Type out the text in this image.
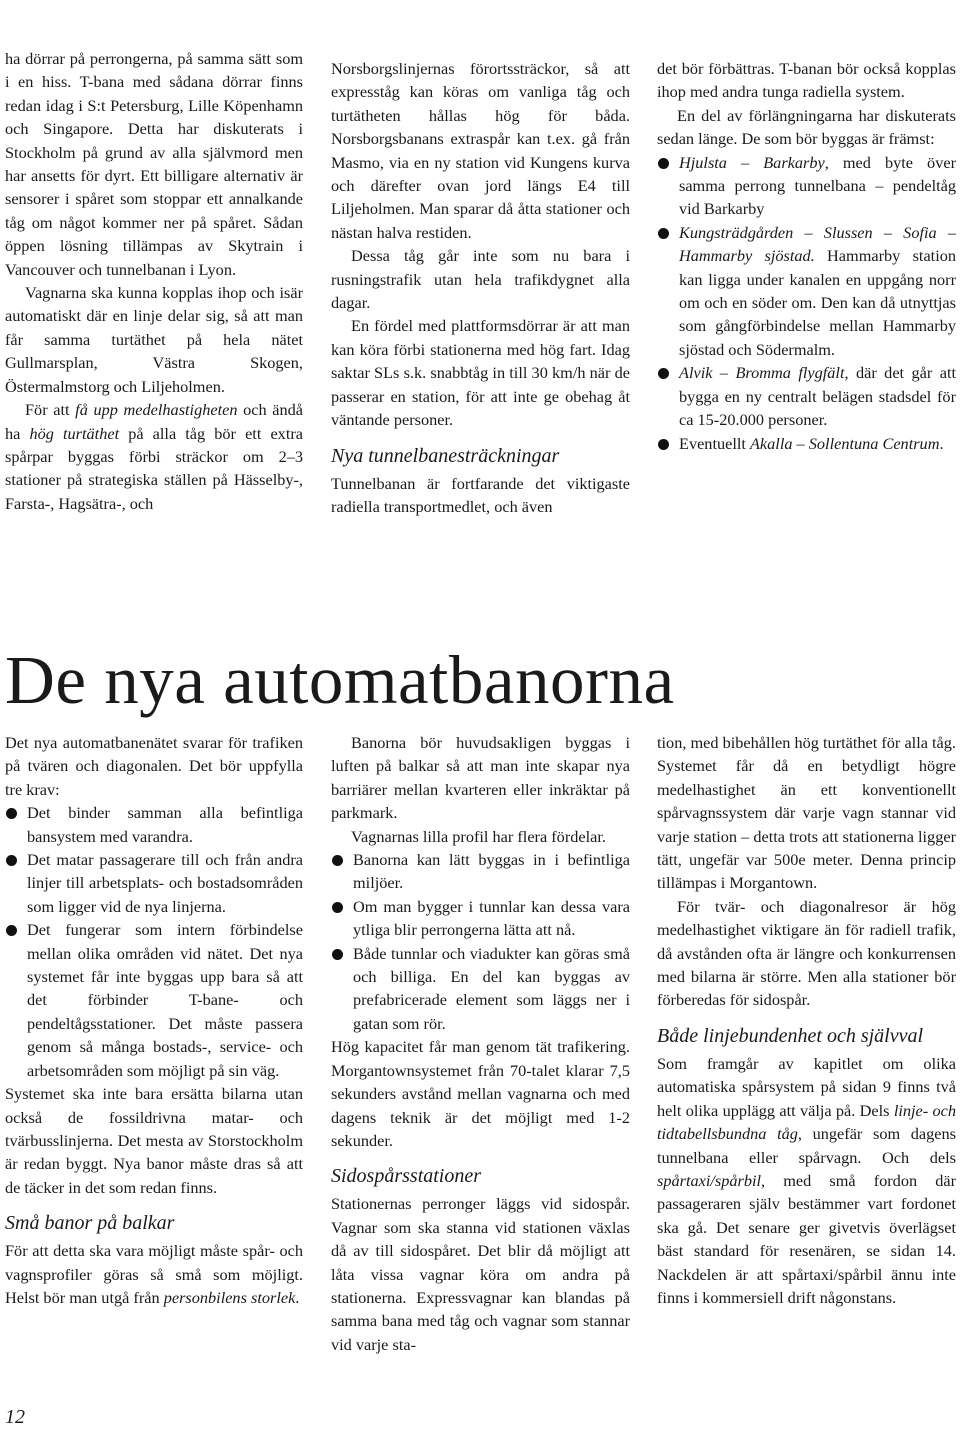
ha dörrar på perrongerna, på samma sätt som i en hiss. T-bana med sådana dörrar finns redan idag i S:t Petersburg, Lille Köpenhamn och Singapore. Detta har diskuterats i Stockholm på grund av alla självmord men har ansetts för dyrt. Ett billigare alternativ är sensorer i spåret som stoppar ett annalkande tåg om något kommer ner på spåret. Sådan öppen lösning tillämpas av Skytrain i Vancouver och tunnelbanan i Lyon.

Vagnarna ska kunna kopplas ihop och isär automatiskt där en linje delar sig, så att man får samma turtäthet på hela nätet Gullmarsplan, Västra Skogen, Östermalmstorg och Liljeholmen.

För att få upp medelhastigheten och ändå ha hög turtäthet på alla tåg bör ett extra spårpar byggas förbi sträckor om 2–3 stationer på strategiska ställen på Hässelby-, Farsta-, Hagsätra-, och

Norsborgslinjernas förortssträckor, så att expresståg kan köras om vanliga tåg och turtätheten hållas hög för båda. Norsborgsbanans extraspår kan t.ex. gå från Masmo, via en ny station vid Kungens kurva och därefter ovan jord längs E4 till Liljeholmen. Man sparar då åtta stationer och nästan halva restiden.

Dessa tåg går inte som nu bara i rusningstrafik utan hela trafikdygnet alla dagar.

En fördel med plattformsdörrar är att man kan köra förbi stationerna med hög fart. Idag saktar SLs s.k. snabbtåg in till 30 km/h när de passerar en station, för att inte ge obehag åt väntande personer.

Nya tunnelbanesträckningar

Tunnelbanan är fortfarande det viktigaste radiella transportmedlet, och även

det bör förbättras. T-banan bör också kopplas ihop med andra tunga radiella system.

En del av förlängningarna har diskuterats sedan länge. De som bör byggas är främst:

Hjulsta – Barkarby, med byte över samma perrong tunnelbana – pendeltåg vid Barkarby
Kungsträdgården – Slussen – Sofia – Hammarby sjöstad. Hammarby station kan ligga under kanalen en uppgång norr om och en söder om. Den kan då utnyttjas som gångförbindelse mellan Hammarby sjöstad och Södermalm.
Alvik – Bromma flygfält, där det går att bygga en ny centralt belägen stadsdel för ca 15-20.000 personer.
Eventuellt Akalla – Sollentuna Centrum.
De nya automatbanorna

Det nya automatbanenätet svarar för trafiken på tvären och diagonalen. Det bör uppfylla tre krav:

Det binder samman alla befintliga bansystem med varandra.
Det matar passagerare till och från andra linjer till arbetsplats- och bostadsområden som ligger vid de nya linjerna.
Det fungerar som intern förbindelse mellan olika områden vid nätet. Det nya systemet får inte byggas upp bara så att det förbinder T-bane- och pendeltågsstationer. Det måste passera genom så många bostads-, service- och arbetsområden som möjligt på sin väg.

Systemet ska inte bara ersätta bilarna utan också de fossildrivna matar- och tvärbusslinjerna. Det mesta av Storstockholm är redan byggt. Nya banor måste dras så att de täcker in det som redan finns.

Små banor på balkar

För att detta ska vara möjligt måste spår- och vagnsprofiler göras så små som möjligt. Helst bör man utgå från personbilens storlek.

Banorna bör huvudsakligen byggas i luften på balkar så att man inte skapar nya barriärer mellan kvarteren eller inkräktar på parkmark.

Vagnarnas lilla profil har flera fördelar.

Banorna kan lätt byggas in i befintliga miljöer.
Om man bygger i tunnlar kan dessa vara ytliga blir perrongerna lätta att nå.
Både tunnlar och viadukter kan göras små och billiga. En del kan byggas av prefabricerade element som läggs ner i gatan som rör.

Hög kapacitet får man genom tät trafikering. Morgantownsystemet från 70-talet klarar 7,5 sekunders avstånd mellan vagnarna och med dagens teknik är det möjligt med 1-2 sekunder.

Sidospårsstationer

Stationernas perronger läggs vid sidospår. Vagnar som ska stanna vid stationen växlas då av till sidospåret. Det blir då möjligt att låta vissa vagnar köra om andra på stationerna. Expressvagnar kan blandas på samma bana med tåg och vagnar som stannar vid varje sta-

tion, med bibehållen hög turtäthet för alla tåg. Systemet får då en betydligt högre medelhastighet än ett konventionellt spårvagnssystem där varje vagn stannar vid varje station – detta trots att stationerna ligger tätt, ungefär var 500e meter. Denna princip tillämpas i Morgantown.

För tvär- och diagonalresor är hög medelhastighet viktigare än för radiell trafik, då avstånden ofta är längre och konkurrensen med bilarna är större. Men alla stationer bör förberedas för sidospår.

Både linjebundenhet och självval

Som framgår av kapitlet om olika automatiska spårsystem på sidan 9 finns två helt olika upplägg att välja på. Dels linje- och tidtabellsbundna tåg, ungefär som dagens tunnelbana eller spårvagn. Och dels spårtaxi/spårbil, med små fordon där passageraren själv bestämmer vart fordonet ska gå. Det senare ger givetvis överlägset bäst standard för resenären, se sidan 14. Nackdelen är att spårtaxi/spårbil ännu inte finns i kommersiell drift någonstans.

12
